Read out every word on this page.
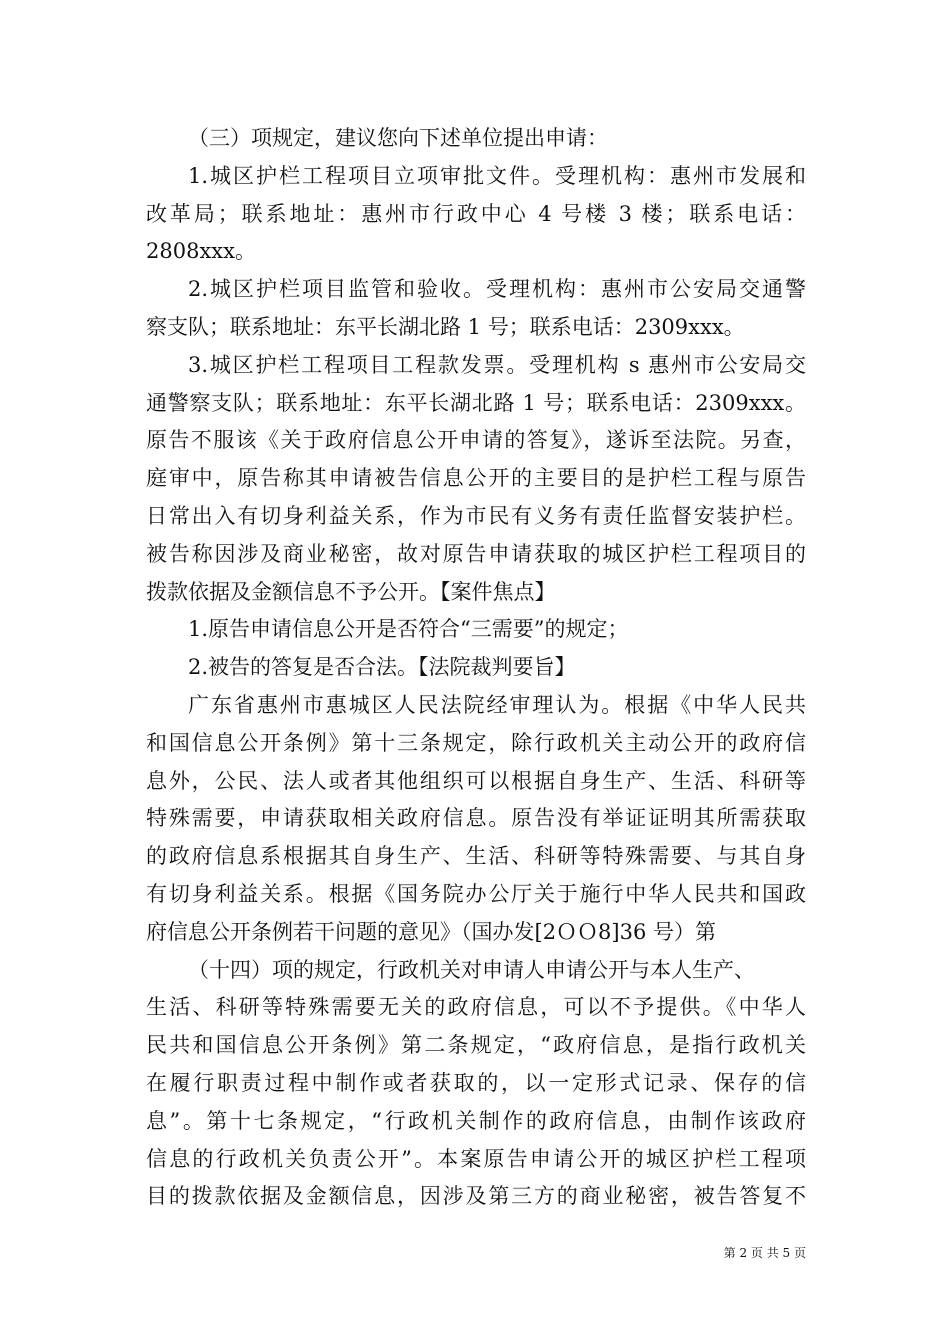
（三）项规定，建议您向下述单位提出申请：
1.城区护栏工程项目立项审批文件。受理机构：惠州市发展和
改革局；联系地址：惠州市行政中心 4 号楼 3 楼；联系电话：
2808xxx。
2.城区护栏项目监管和验收。受理机构：惠州市公安局交通警
察支队；联系地址：东平长湖北路 1 号；联系电话：2309xxx。
3.城区护栏工程项目工程款发票。受理机构 s 惠州市公安局交
通警察支队；联系地址：东平长湖北路 1 号；联系电话：2309xxx。
原告不服该《关于政府信息公开申请的答复》，遂诉至法院。另查，
庭审中，原告称其申请被告信息公开的主要目的是护栏工程与原告
日常出入有切身利益关系，作为市民有义务有责任监督安装护栏。
被告称因涉及商业秘密，故对原告申请获取的城区护栏工程项目的
拨款依据及金额信息不予公开。【案件焦点】
1.原告申请信息公开是否符合“三需要”的规定；
2.被告的答复是否合法。【法院裁判要旨】
广东省惠州市惠城区人民法院经审理认为。根据《中华人民共
和国信息公开条例》第十三条规定，除行政机关主动公开的政府信
息外，公民、法人或者其他组织可以根据自身生产、生活、科研等
特殊需要，申请获取相关政府信息。原告没有举证证明其所需获取
的政府信息系根据其自身生产、生活、科研等特殊需要、与其自身
有切身利益关系。根据《国务院办公厅关于施行中华人民共和国政
府信息公开条例若干问题的意见》（国办发[2ＯＯ8]36 号）第
（十四）项的规定，行政机关对申请人申请公开与本人生产、
生活、科研等特殊需要无关的政府信息，可以不予提供。《中华人
民共和国信息公开条例》第二条规定，“政府信息，是指行政机关
在履行职责过程中制作或者获取的，以一定形式记录、保存的信
息”。第十七条规定，“行政机关制作的政府信息，由制作该政府
信息的行政机关负责公开”。本案原告申请公开的城区护栏工程项
目的拨款依据及金额信息，因涉及第三方的商业秘密，被告答复不
第 2 页 共 5 页
